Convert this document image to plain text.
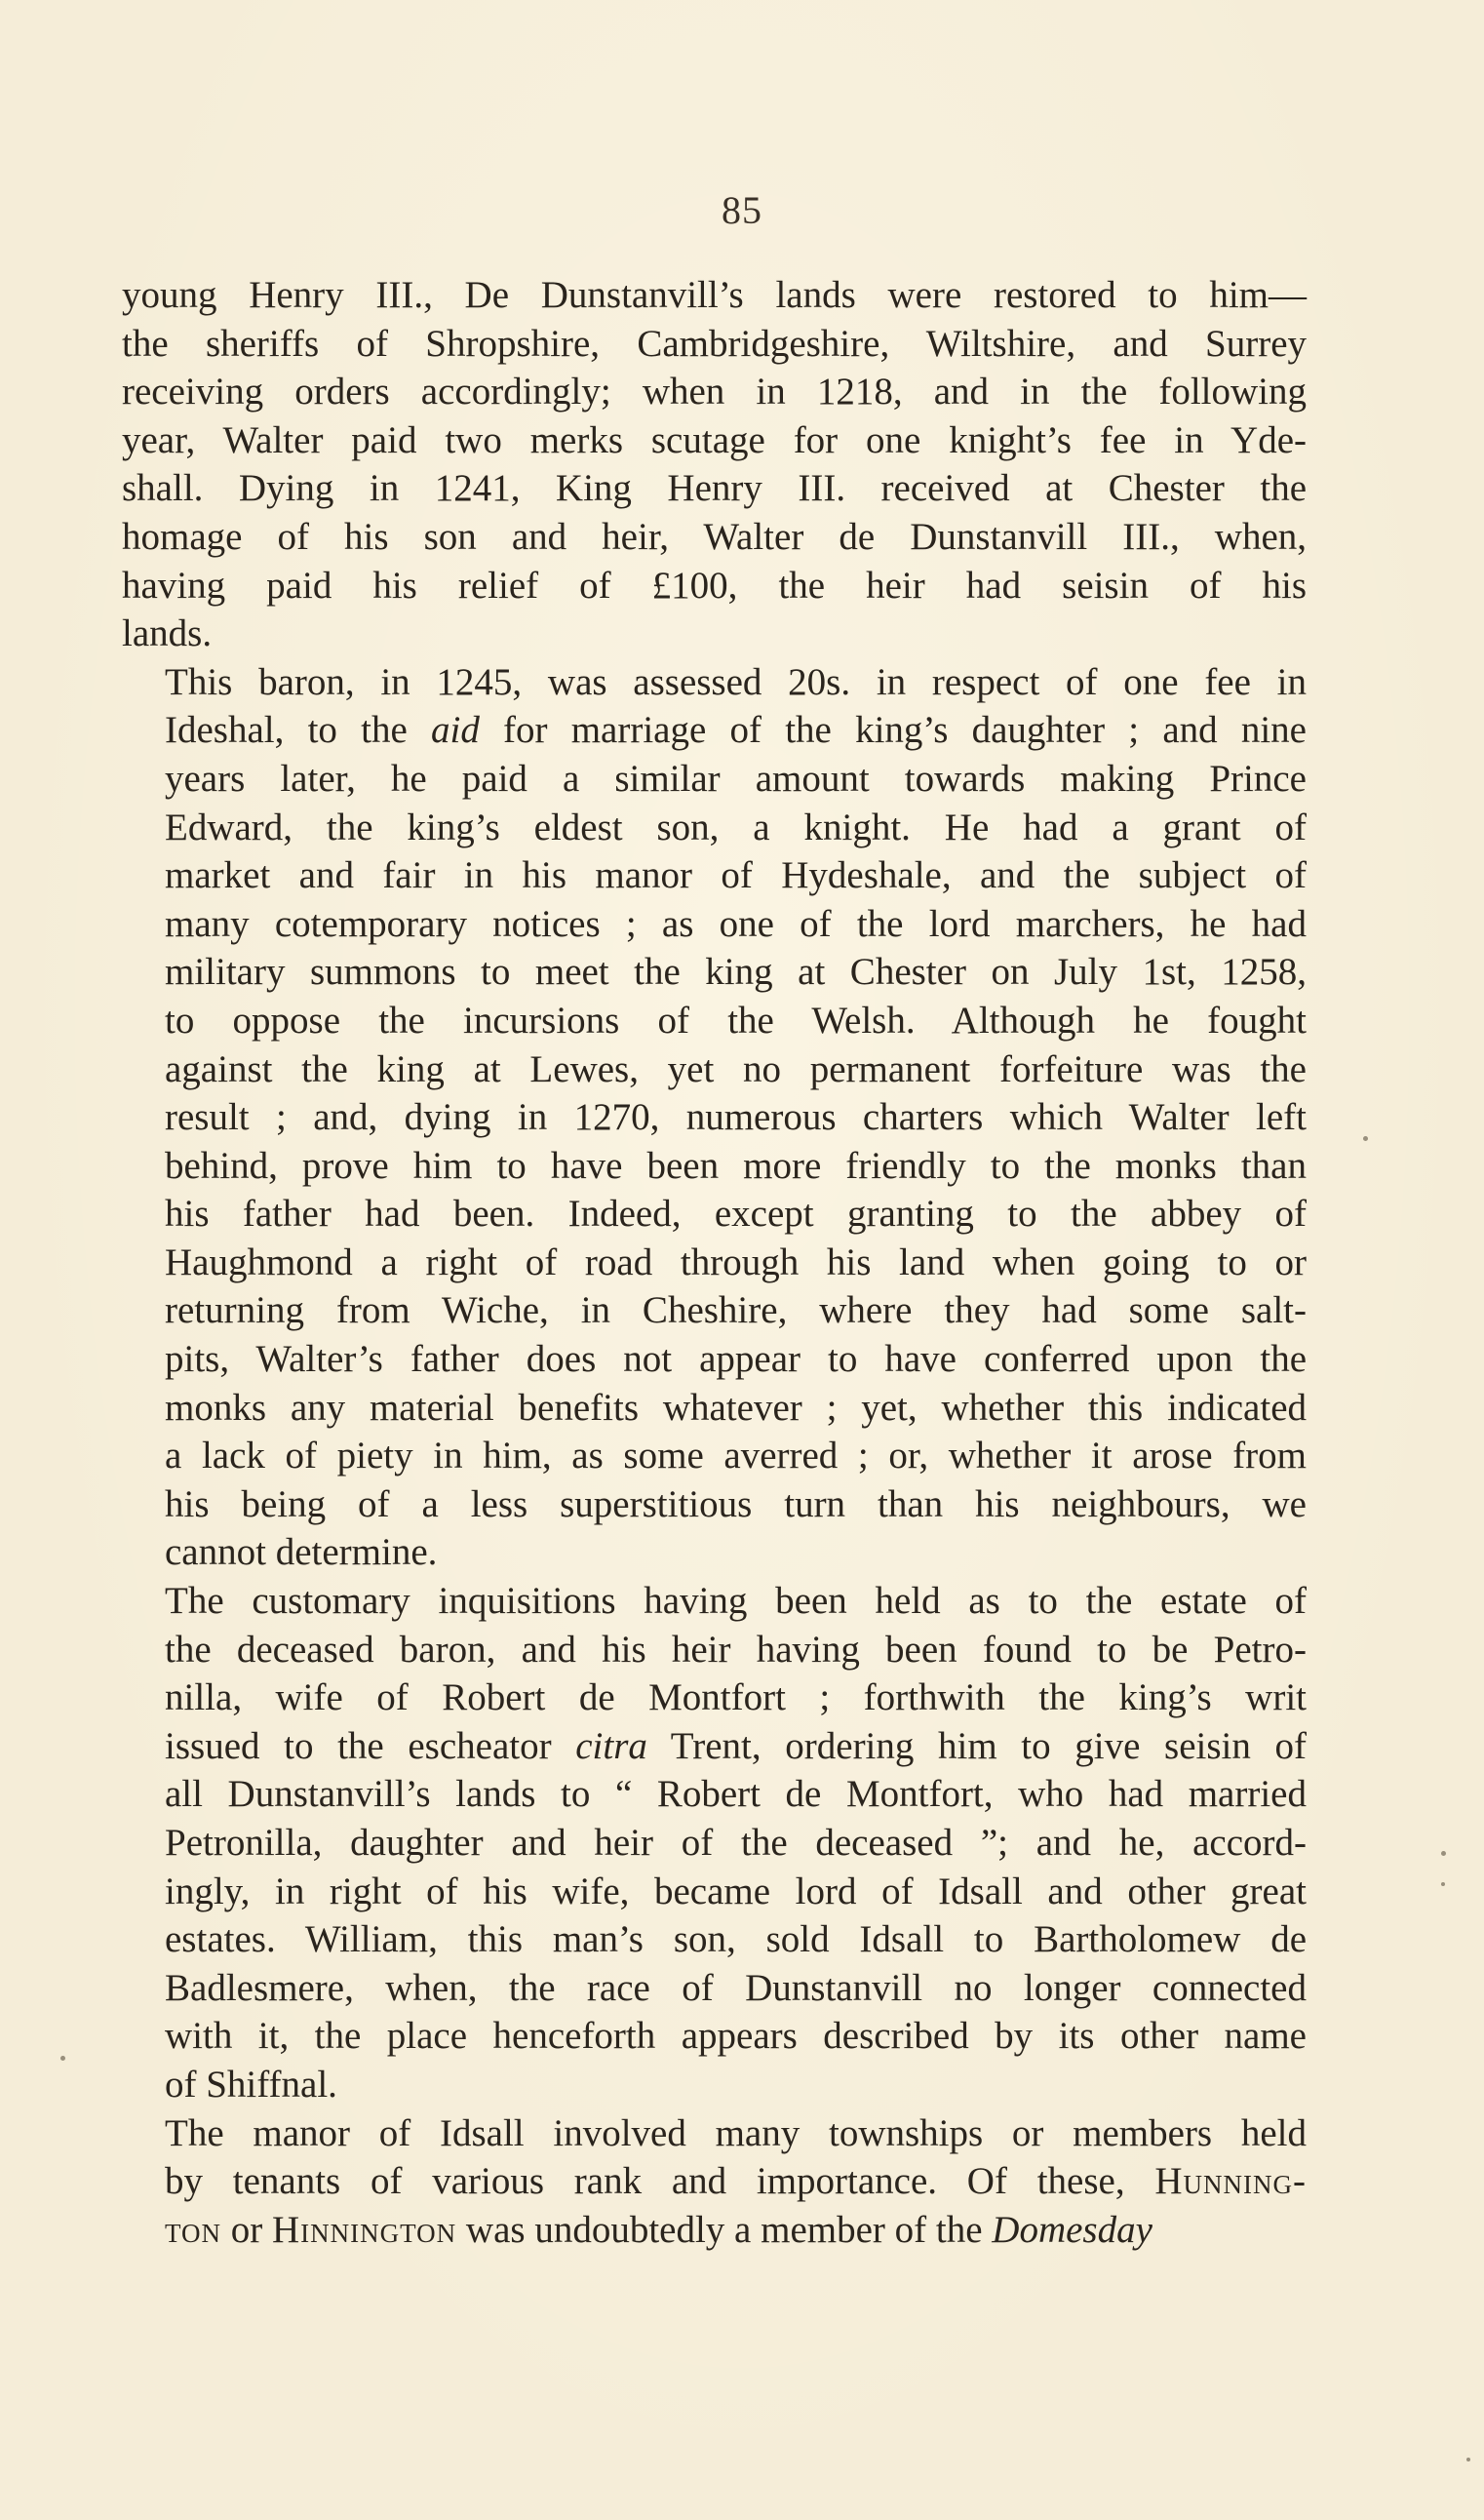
85
young Henry III., De Dunstanvill’s lands were restored to him—
the sheriffs of Shropshire, Cambridgeshire, Wiltshire, and Surrey
receiving orders accordingly; when in 1218, and in the following
year, Walter paid two merks scutage for one knight’s fee in Yde-
shall. Dying in 1241, King Henry III. received at Chester the
homage of his son and heir, Walter de Dunstanvill III., when,
having paid his relief of £100, the heir had seisin of his
lands.
This baron, in 1245, was assessed 20s. in respect of one fee in
Ideshal, to the aid for marriage of the king’s daughter ; and nine
years later, he paid a similar amount towards making Prince
Edward, the king’s eldest son, a knight. He had a grant of
market and fair in his manor of Hydeshale, and the subject of
many cotemporary notices ; as one of the lord marchers, he had
military summons to meet the king at Chester on July 1st, 1258,
to oppose the incursions of the Welsh. Although he fought
against the king at Lewes, yet no permanent forfeiture was the
result ; and, dying in 1270, numerous charters which Walter left
behind, prove him to have been more friendly to the monks than
his father had been. Indeed, except granting to the abbey of
Haughmond a right of road through his land when going to or
returning from Wiche, in Cheshire, where they had some salt-
pits, Walter’s father does not appear to have conferred upon the
monks any material benefits whatever ; yet, whether this indicated
a lack of piety in him, as some averred ; or, whether it arose from
his being of a less superstitious turn than his neighbours, we
cannot determine.
The customary inquisitions having been held as to the estate of
the deceased baron, and his heir having been found to be Petro-
nilla, wife of Robert de Montfort ; forthwith the king’s writ
issued to the escheator citra Trent, ordering him to give seisin of
all Dunstanvill’s lands to “ Robert de Montfort, who had married
Petronilla, daughter and heir of the deceased ”; and he, accord-
ingly, in right of his wife, became lord of Idsall and other great
estates. William, this man’s son, sold Idsall to Bartholomew de
Badlesmere, when, the race of Dunstanvill no longer connected
with it, the place henceforth appears described by its other name
of Shiffnal.
The manor of Idsall involved many townships or members held
by tenants of various rank and importance. Of these, Hunning-
ton or Hinnington was undoubtedly a member of the Domesday
